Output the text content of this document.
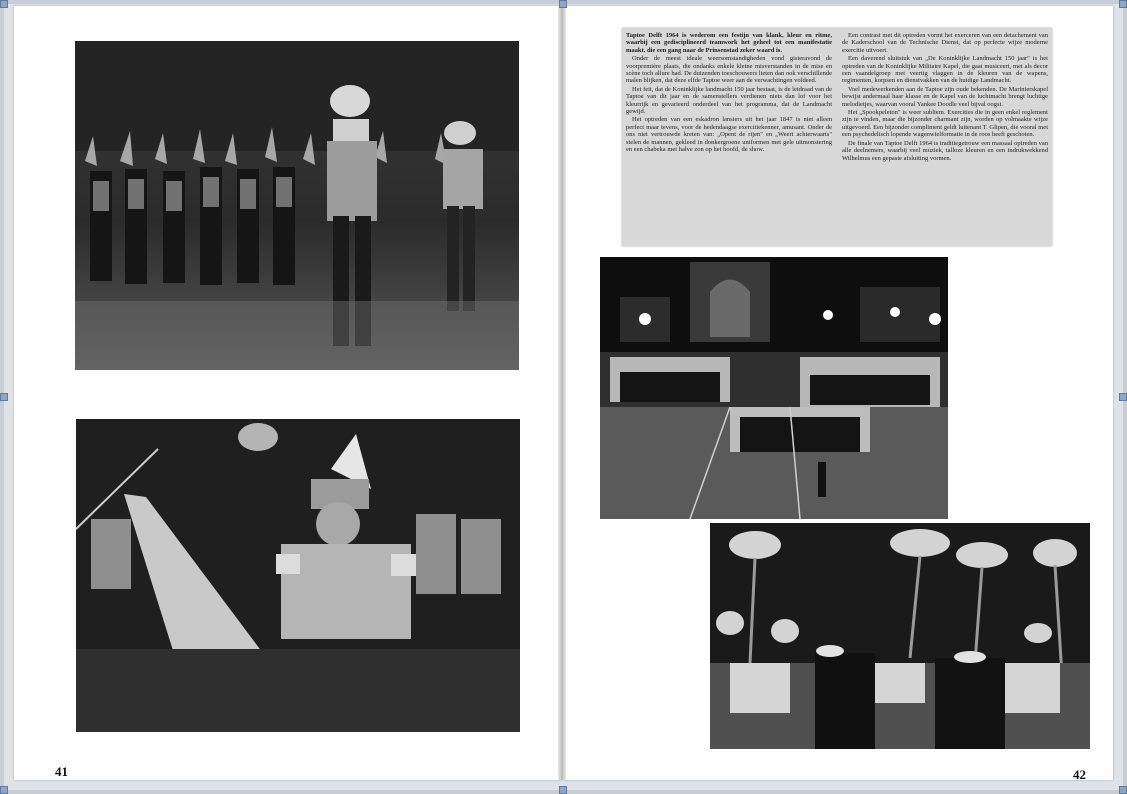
Taptoe Delft 1964 is wederom een festijn van klank, kleur en ritme, waarbij een gedisciplineerd teamwork het geheel tot een manifestatie maakt, die een gang naar de Prinsenstad zeker waard is.

Onder de meest ideale weersomstandigheden vond gisteravond de voorpremière plaats, die ondanks enkele kleine misverstanden in de mise en scène toch allure had. De duizenden toeschouwers lieten dan ook verschillende malen blijken, dat deze elfde Taptoe weer aan de verwachtingen voldeed.

Het feit, dat de Koninklijke landmacht 150 jaar bestaat, is de leidraad van de Taptoe van dit jaar en de samenstellers verdienen niets dan lof voor het kleurrijk en gevarieerd onderdeel van het programma, dat de Landmacht gewijd.

Het optreden van een eskadron lansiers uit het jaar 1847 is niet alleen perfect maar tevens, voor de hedendaagse exercitiekenner, amusant. Onder de ons niet vertrouwde kreten van: „Opent de rijen" en „Weert achterwaarts" stelen de mannen, gekleed in donkergroene uniformen met gele uitmonstering en een chabeka met halve zon op het hoofd, de show.

Een contrast met dit optreden vormt het exerceren van een detachement van de Kaderschool van de Technische Dienst, dat op perfecte wijze moderne exercitie uitvoert.

Een daverend sluitstuk van „De Koninklijke Landmacht 150 jaar" is het optreden van de Koninklijke Militaire Kapel, die gaat musiceert, met als decor een vaandelgroep met veertig vlaggen in de kleuren van de wapens, regimenten, korpsen en dienstvakken van de huidige Landmacht.

Voel medewerkenden aan de Taptoe zijn oude bekenden. De Marinierskapel bewijst andermaal haar klasse en de Kapel van de luchtmacht brengt luchtige melodietjes, waarvan vooral Yankee Doodle veel bijval oogst.

Het „Spookpeleton" is weer subliem. Exercities die in geen enkel reglement zijn te vinden, maar die bijzonder charmant zijn, worden op volmaakte wijze uitgevoerd. Een bijzonder compliment geldt luitenant T. Glipen, die vooral met een psychedelisch lopende wagenwielformatie in de roos heeft geschoten.

De finale van Taptoe Delft 1964 is traditiegetrouw een massaal optreden van alle deelnemers, waarbij veel muziek, talloze kleuren en een indrukwekkend Wilhelmus een gepaste afsluiting vormen.

41	42
